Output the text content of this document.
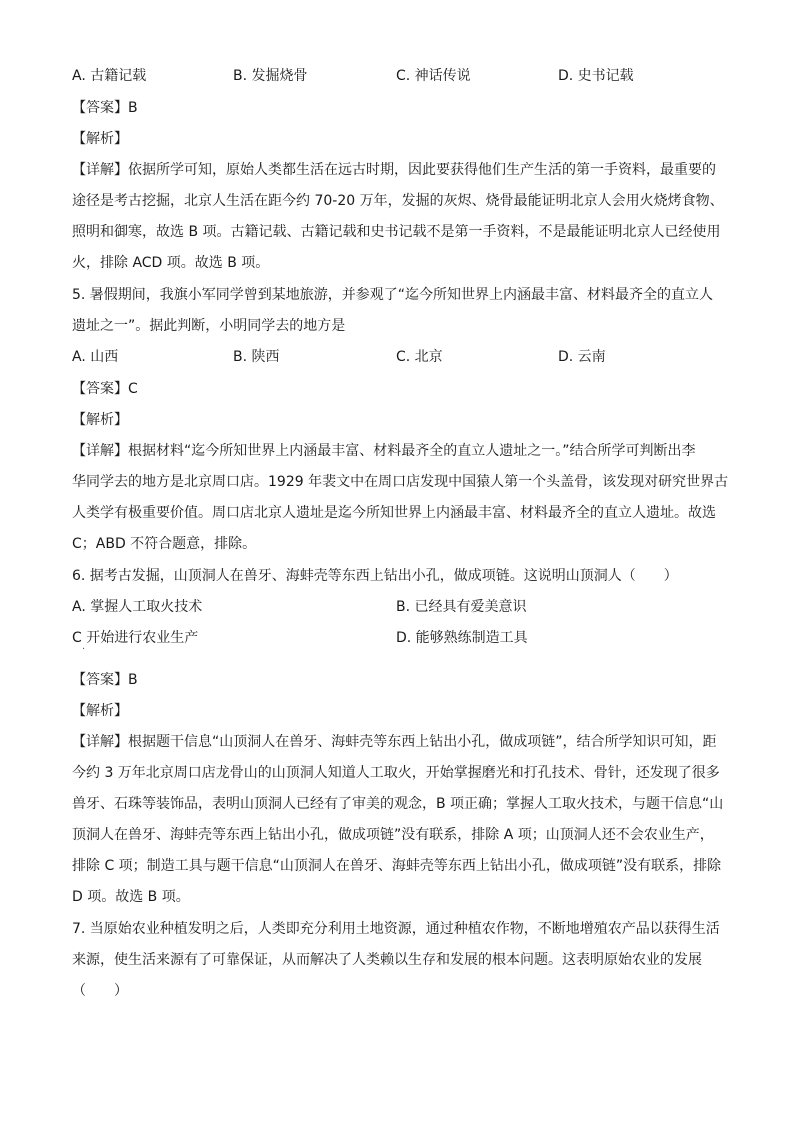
A. 古籍记载	B. 发掘烧骨	C. 神话传说	D. 史书记载
【答案】B
【解析】
【详解】依据所学可知，原始人类都生活在远古时期，因此要获得他们生产生活的第一手资料，最重要的
途径是考古挖掘，北京人生活在距今约 70-20 万年，发掘的灰烬、烧骨最能证明北京人会用火烧烤食物、
照明和御寒，故选 B 项。古籍记载、古籍记载和史书记载不是第一手资料，不是最能证明北京人已经使用
火，排除 ACD 项。故选 B 项。
5. 暑假期间，我旗小军同学曾到某地旅游，并参观了“迄今所知世界上内涵最丰富、材料最齐全的直立人
遗址之一”。据此判断，小明同学去的地方是
A. 山西	B. 陕西	C. 北京	D. 云南
【答案】C
【解析】
【详解】根据材料“迄今所知世界上内涵最丰富、材料最齐全的直立人遗址之一。”结合所学可判断出李
华同学去的地方是北京周口店。1929 年裴文中在周口店发现中国猿人第一个头盖骨，该发现对研究世界古
人类学有极重要价值。周口店北京人遗址是迄今所知世界上内涵最丰富、材料最齐全的直立人遗址。故选
C；ABD 不符合题意，排除。
6. 据考古发掘，山顶洞人在兽牙、海蚌壳等东西上钻出小孔，做成项链。这说明山顶洞人（　　）
A. 掌握人工取火技术	B. 已经具有爱美意识
C 开始进行农业生产	D. 能够熟练制造工具
·
【答案】B
【解析】
【详解】根据题干信息“山顶洞人在兽牙、海蚌壳等东西上钻出小孔，做成项链”，结合所学知识可知，距
今约 3 万年北京周口店龙骨山的山顶洞人知道人工取火，开始掌握磨光和打孔技术、骨针，还发现了很多
兽牙、石珠等装饰品，表明山顶洞人已经有了审美的观念，B 项正确；掌握人工取火技术，与题干信息“山
顶洞人在兽牙、海蚌壳等东西上钻出小孔，做成项链”没有联系，排除 A 项；山顶洞人还不会农业生产，
排除 C 项；制造工具与题干信息“山顶洞人在兽牙、海蚌壳等东西上钻出小孔，做成项链”没有联系，排除
D 项。故选 B 项。
7. 当原始农业种植发明之后，人类即充分利用土地资源，通过种植农作物，不断地增殖农产品以获得生活
来源，使生活来源有了可靠保证，从而解决了人类赖以生存和发展的根本问题。这表明原始农业的发展
（　　）
